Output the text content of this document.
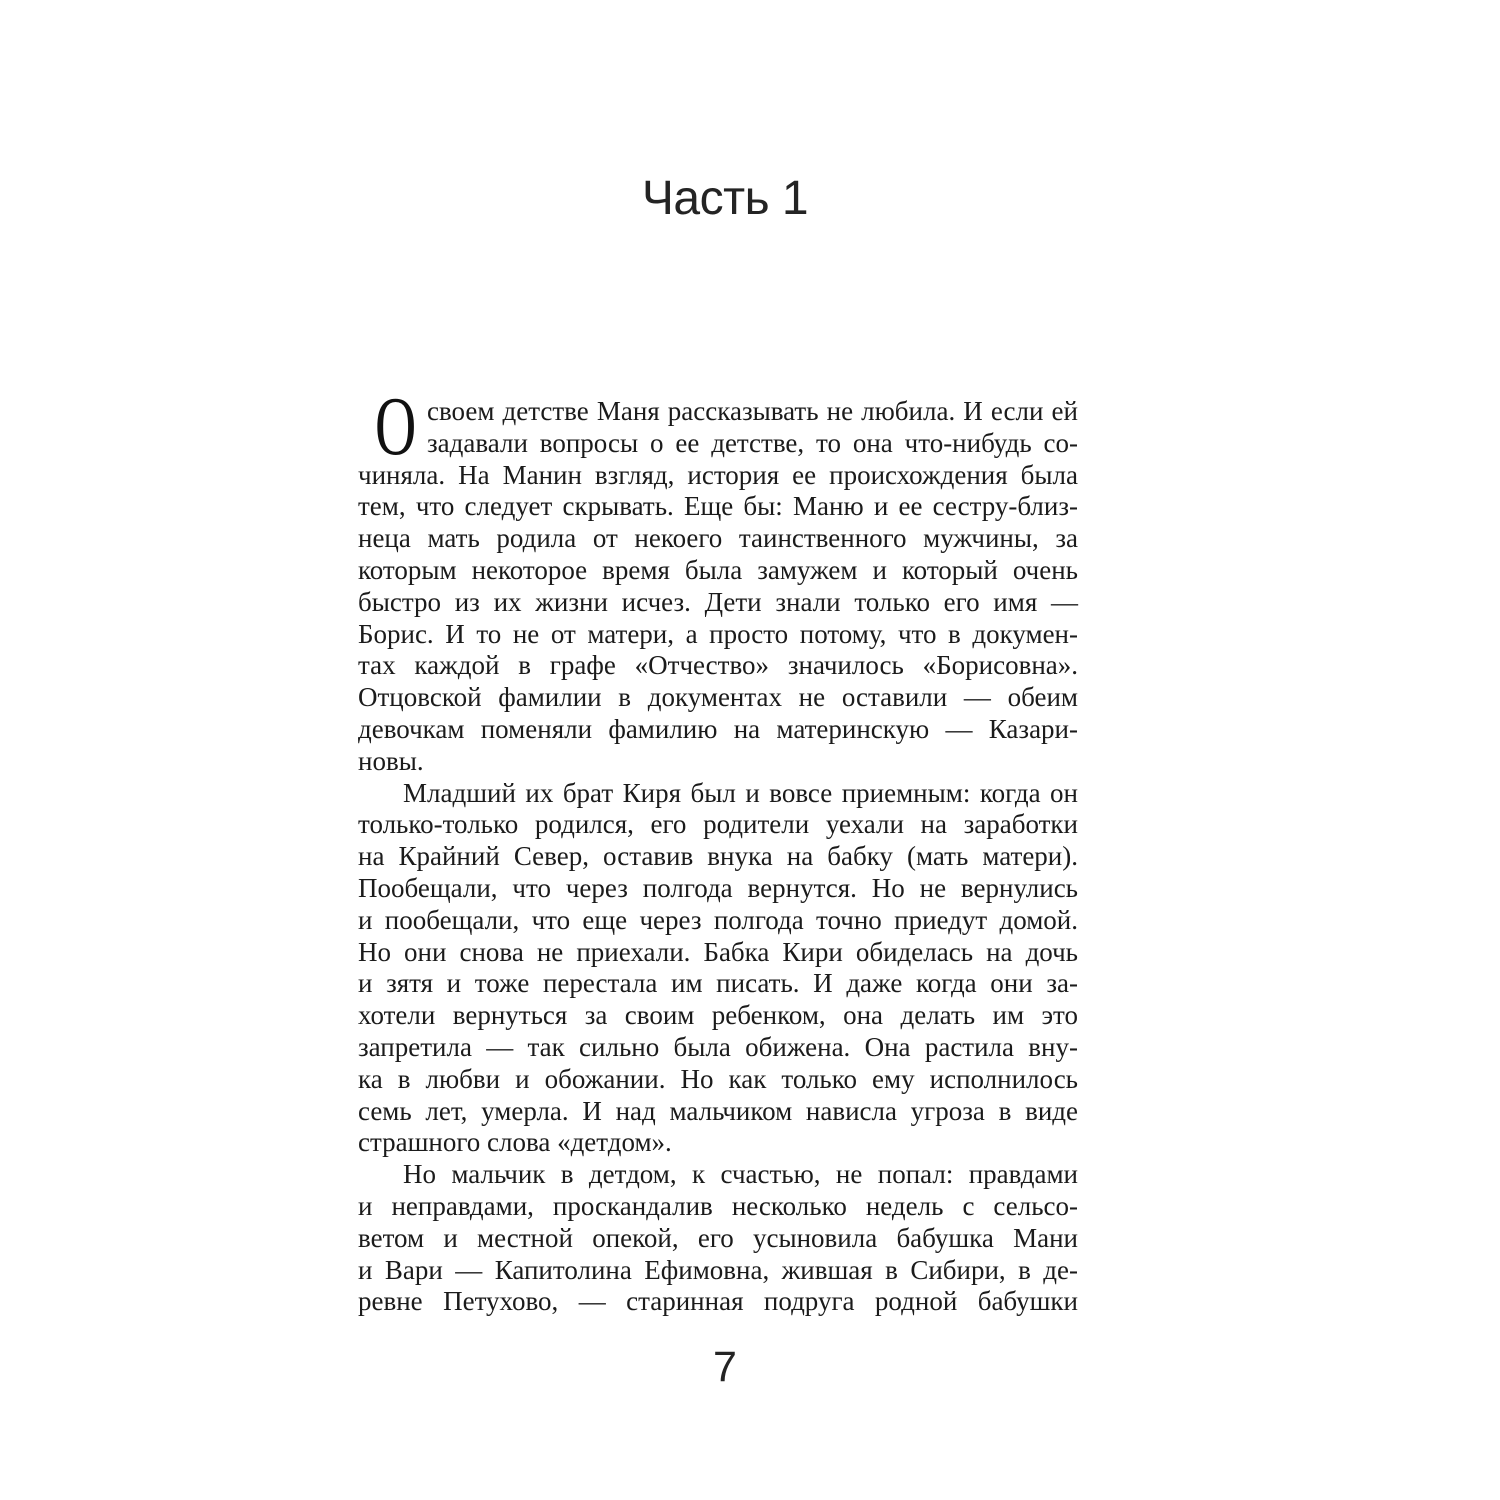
Часть 1
О своем детстве Маня рассказывать не любила. И если ей
задавали вопросы о ее детстве, то она что-нибудь со-
чиняла. На Манин взгляд, история ее происхождения была
тем, что следует скрывать. Еще бы: Маню и ее сестру-близ-
неца мать родила от некоего таинственного мужчины, за
которым некоторое время была замужем и который очень
быстро из их жизни исчез. Дети знали только его имя —
Борис. И то не от матери, а просто потому, что в докумен-
тах каждой в графе «Отчество» значилось «Борисовна».
Отцовской фамилии в документах не оставили — обеим
девочкам поменяли фамилию на материнскую — Казари-
новы.
Младший их брат Киря был и вовсе приемным: когда он
только-только родился, его родители уехали на заработки
на Крайний Север, оставив внука на бабку (мать матери).
Пообещали, что через полгода вернутся. Но не вернулись
и пообещали, что еще через полгода точно приедут домой.
Но они снова не приехали. Бабка Кири обиделась на дочь
и зятя и тоже перестала им писать. И даже когда они за-
хотели вернуться за своим ребенком, она делать им это
запретила — так сильно была обижена. Она растила вну-
ка в любви и обожании. Но как только ему исполнилось
семь лет, умерла. И над мальчиком нависла угроза в виде
страшного слова «детдом».
Но мальчик в детдом, к счастью, не попал: правдами
и неправдами, проскандалив несколько недель с сельсо-
ветом и местной опекой, его усыновила бабушка Мани
и Вари — Капитолина Ефимовна, жившая в Сибири, в де-
ревне Петухово, — старинная подруга родной бабушки
7
